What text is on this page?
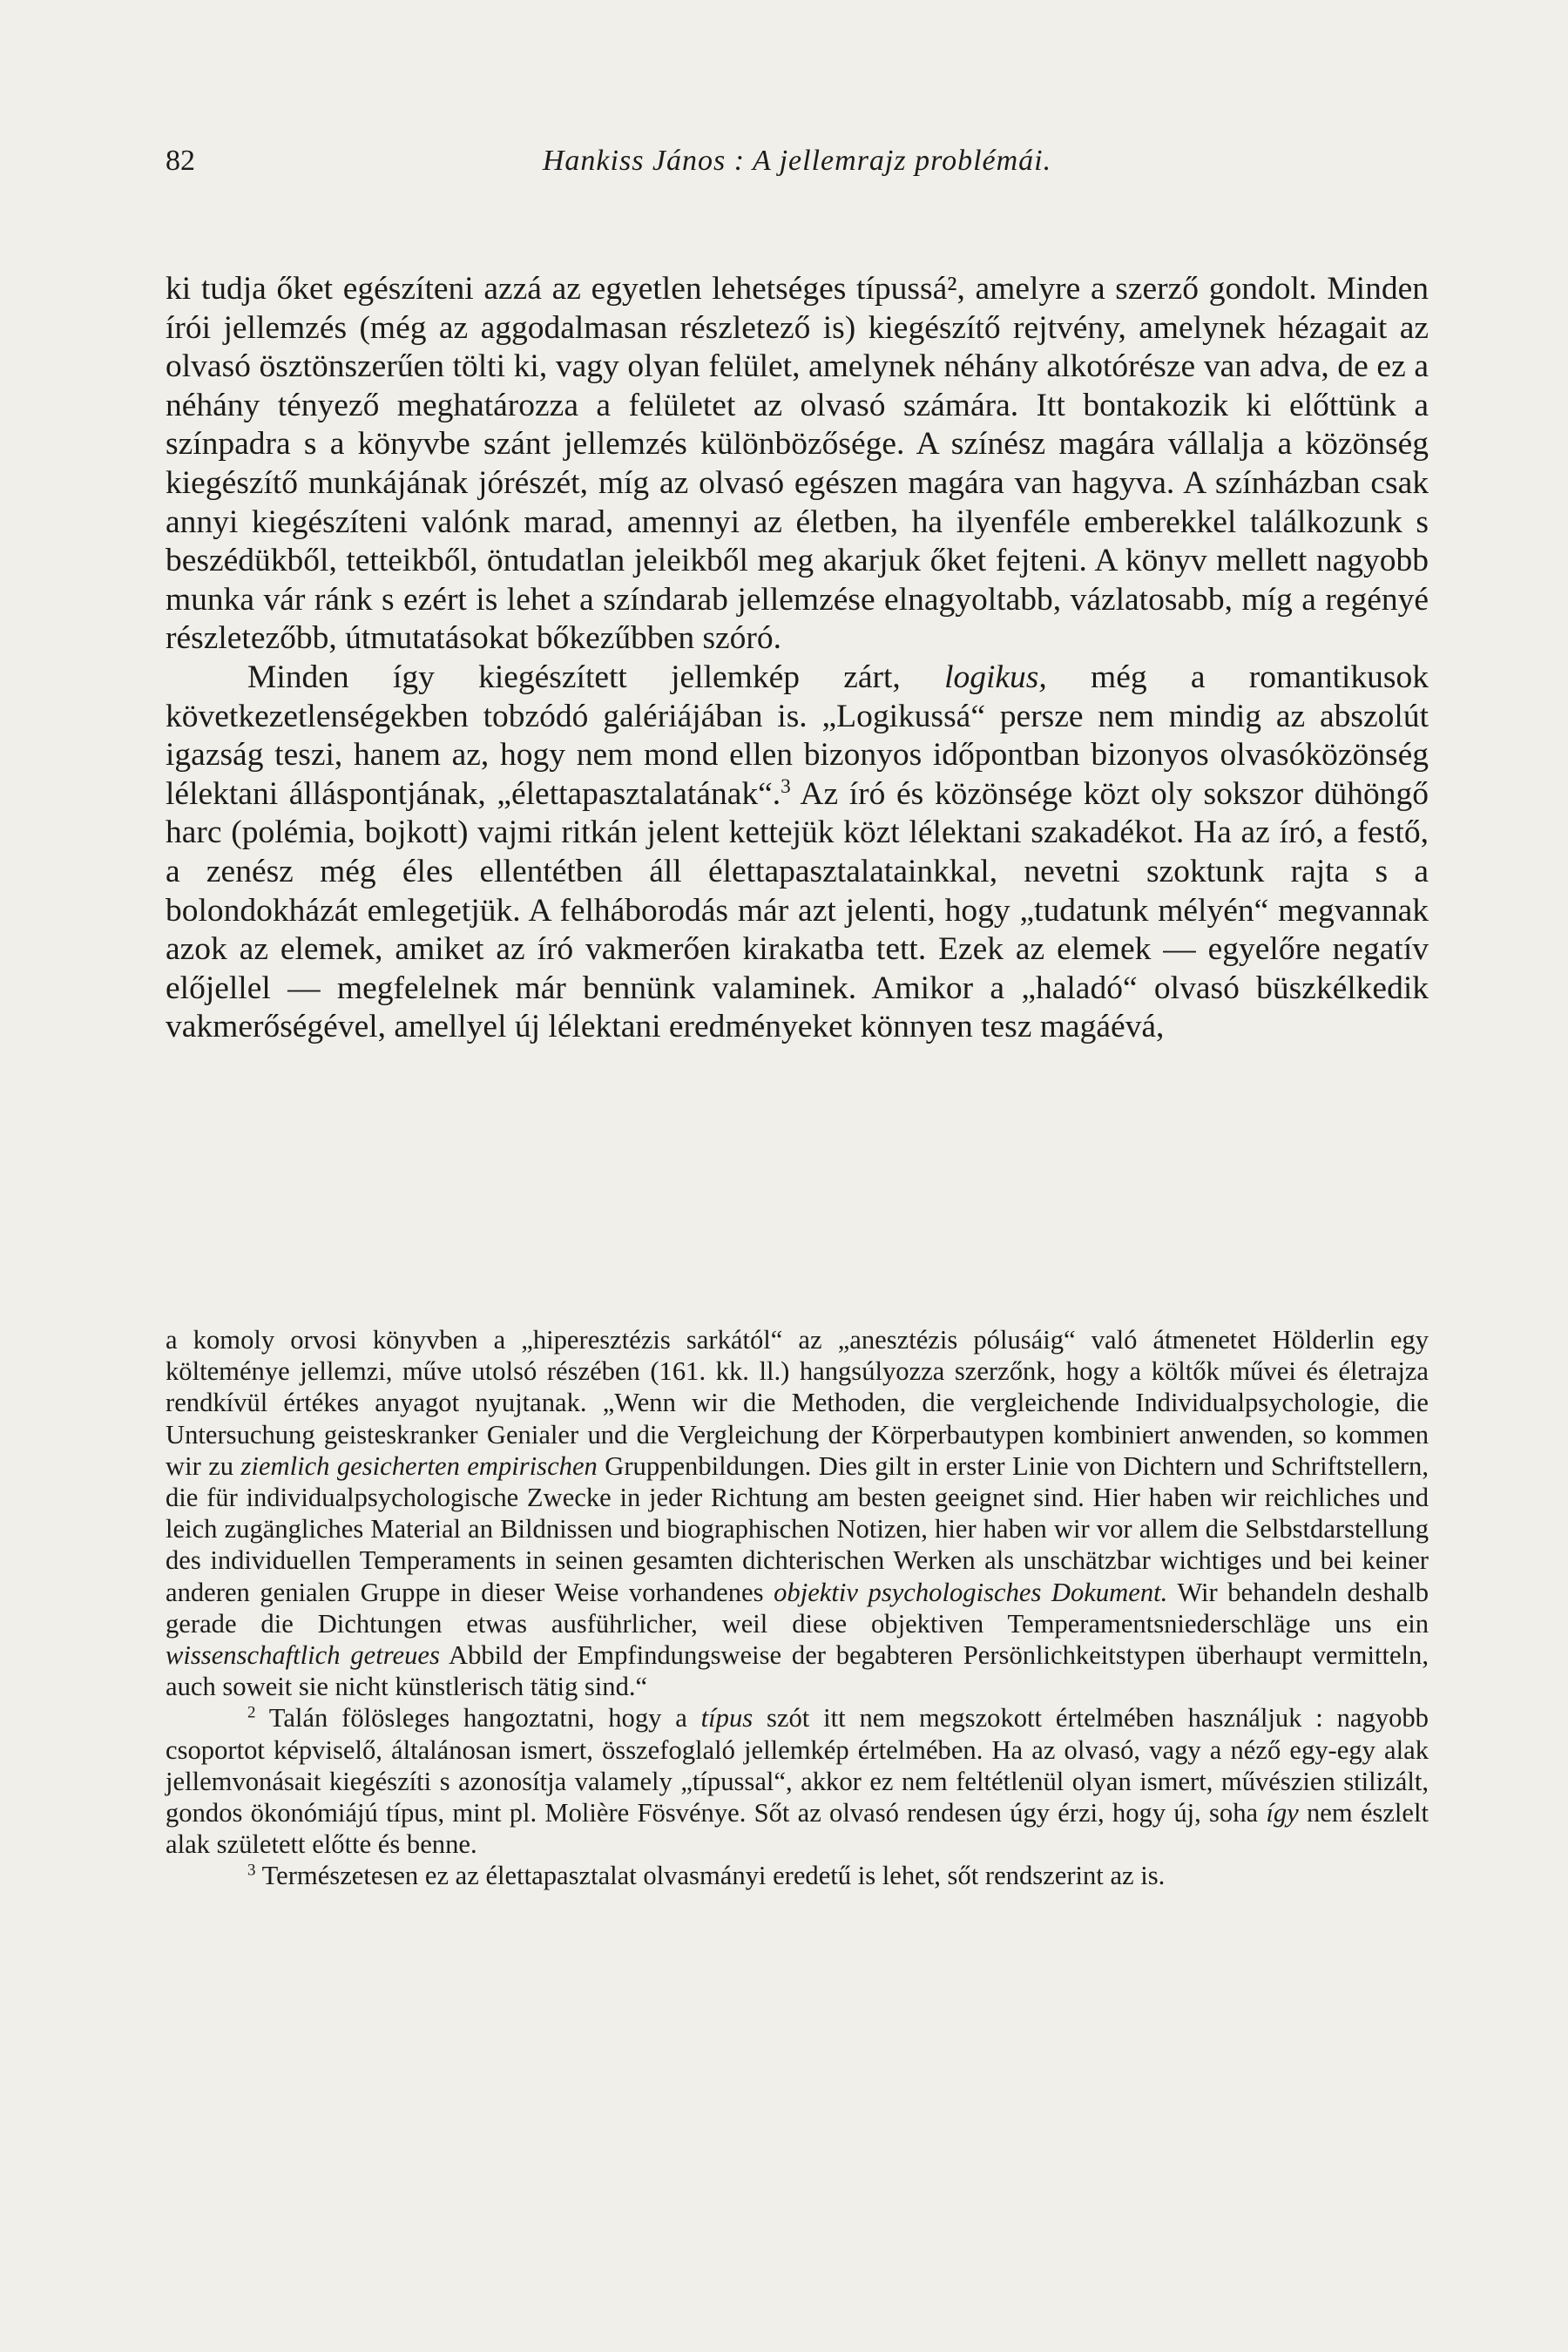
82	Hankiss János : A jellemrajz problémái.

ki tudja őket egészíteni azzá az egyetlen lehetséges típussá², amelyre a szerző gondolt. Minden írói jellemzés (még az aggodalmasan részletező is) kiegészítő rejtvény, amelynek hézagait az olvasó ösztönszerűen tölti ki, vagy olyan felület, amelynek néhány alkotórésze van adva, de ez a néhány tényező meghatározza a felületet az olvasó számára. Itt bontakozik ki előttünk a színpadra s a könyvbe szánt jellemzés különbözősége. A színész magára vállalja a közönség kiegészítő munkájának jórészét, míg az olvasó egészen magára van hagyva. A színházban csak annyi kiegészíteni valónk marad, amennyi az életben, ha ilyenféle emberekkel találkozunk s beszédükből, tetteikből, öntudatlan jeleikből meg akarjuk őket fejteni. A könyv mellett nagyobb munka vár ránk s ezért is lehet a színdarab jellemzése elnagyoltabb, vázlatosabb, míg a regényé részletezőbb, útmutatásokat bőkezűbben szóró.

Minden így kiegészített jellemkép zárt, logikus, még a romantikusok következetlenségekben tobzódó galériájában is. „Logikussá“ persze nem mindig az abszolút igazság teszi, hanem az, hogy nem mond ellen bizonyos időpontban bizonyos olvasóközönség lélektani álláspontjának, „élettapasztalatának“.$^3$ Az író és közönsége közt oly sokszor dühöngő harc (polémia, bojkott) vajmi ritkán jelent kettejük közt lélektani szakadékot. Ha az író, a festő, a zenész még éles ellentétben áll élettapasztalatainkkal, nevetni szoktunk rajta s a bolondokházát emlegetjük. A felháborodás már azt jelenti, hogy „tudatunk mélyén“ megvannak azok az elemek, amiket az író vakmerően kirakatba tett. Ezek az elemek — egyelőre negatív előjellel — megfelelnek már bennünk valaminek. Amikor a „haladó“ olvasó büszkélkedik vakmerőségével, amellyel új lélektani eredményeket könnyen tesz magáévá,

a komoly orvosi könyvben a „hiperesztézis sarkától“ az „anesztézis pólusáig“ való átmenetet Hölderlin egy költeménye jellemzi, műve utolsó részében (161. kk. ll.) hangsúlyozza szerzőnk, hogy a költők művei és életrajza rendkívül értékes anyagot nyujtanak. „Wenn wir die Methoden, die vergleichende Individualpsychologie, die Untersuchung geisteskranker Genialer und die Vergleichung der Körperbautypen kombiniert anwenden, so kommen wir zu ziemlich gesicherten empirischen Gruppenbildungen. Dies gilt in erster Linie von Dichtern und Schriftstellern, die für individualpsychologische Zwecke in jeder Richtung am besten geeignet sind. Hier haben wir reichliches und leich zugängliches Material an Bildnissen und biographischen Notizen, hier haben wir vor allem die Selbstdarstellung des individuellen Temperaments in seinen gesamten dichterischen Werken als unschätzbar wichtiges und bei keiner anderen genialen Gruppe in dieser Weise vorhandenes objektiv psychologisches Dokument. Wir behandeln deshalb gerade die Dichtungen etwas ausführlicher, weil diese objektiven Temperamentsniederschläge uns ein wissenschaftlich getreues Abbild der Empfindungsweise der begabteren Persönlichkeitstypen überhaupt vermitteln, auch soweit sie nicht künstlerisch tätig sind.“

$^2$ Talán fölösleges hangoztatni, hogy a típus szót itt nem megszokott értelmében használjuk : nagyobb csoportot képviselő, általánosan ismert, összefoglaló jellemkép értelmében. Ha az olvasó, vagy a néző egy-egy alak jellemvonásait kiegészíti s azonosítja valamely „típussal“, akkor ez nem feltétlenül olyan ismert, művészien stilizált, gondos ökonómiájú típus, mint pl. Molière Fösvénye. Sőt az olvasó rendesen úgy érzi, hogy új, soha így nem észlelt alak született előtte és benne.

$^3$ Természetesen ez az élettapasztalat olvasmányi eredetű is lehet, sőt rendszerint az is.
